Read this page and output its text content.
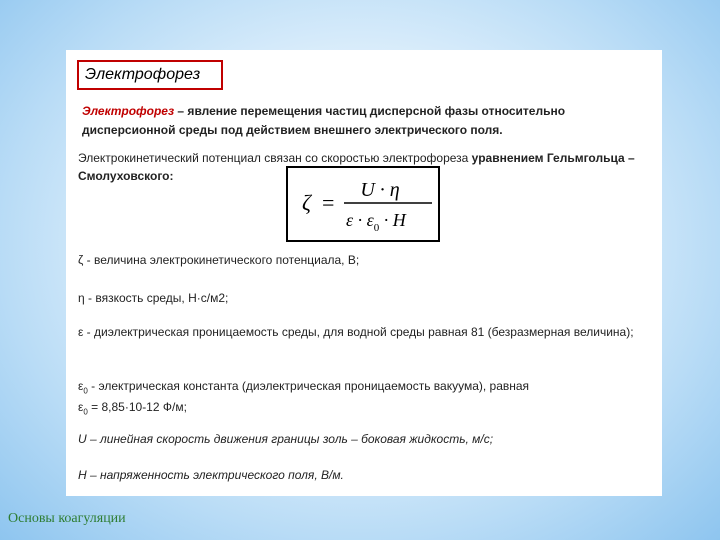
Электрофорез
Электрофорез – явление перемещения частиц дисперсной фазы относительно дисперсионной среды под действием внешнего электрического поля.
Электрокинетический потенциал связан со скоростью электрофореза уравнением Гельмгольца – Смолуховского:
ζ = U · η
$\varepsilon \cdot \varepsilon_0 \cdot H$
ζ - величина электрокинетического потенциала, В;
η - вязкость среды, Н·с/м2;
ε - диэлектрическая проницаемость среды, для водной среды равная 81 (безразмерная величина);
$\varepsilon_0$ - электрическая константа (диэлектрическая проницаемость вакуума), равная
$\varepsilon_0 = 8,85\cdot 10-12$ Ф/м;
U – линейная скорость движения границы золь – боковая жидкость, м/с;
H – напряженность электрического поля, В/м.
Основы коагуляции
